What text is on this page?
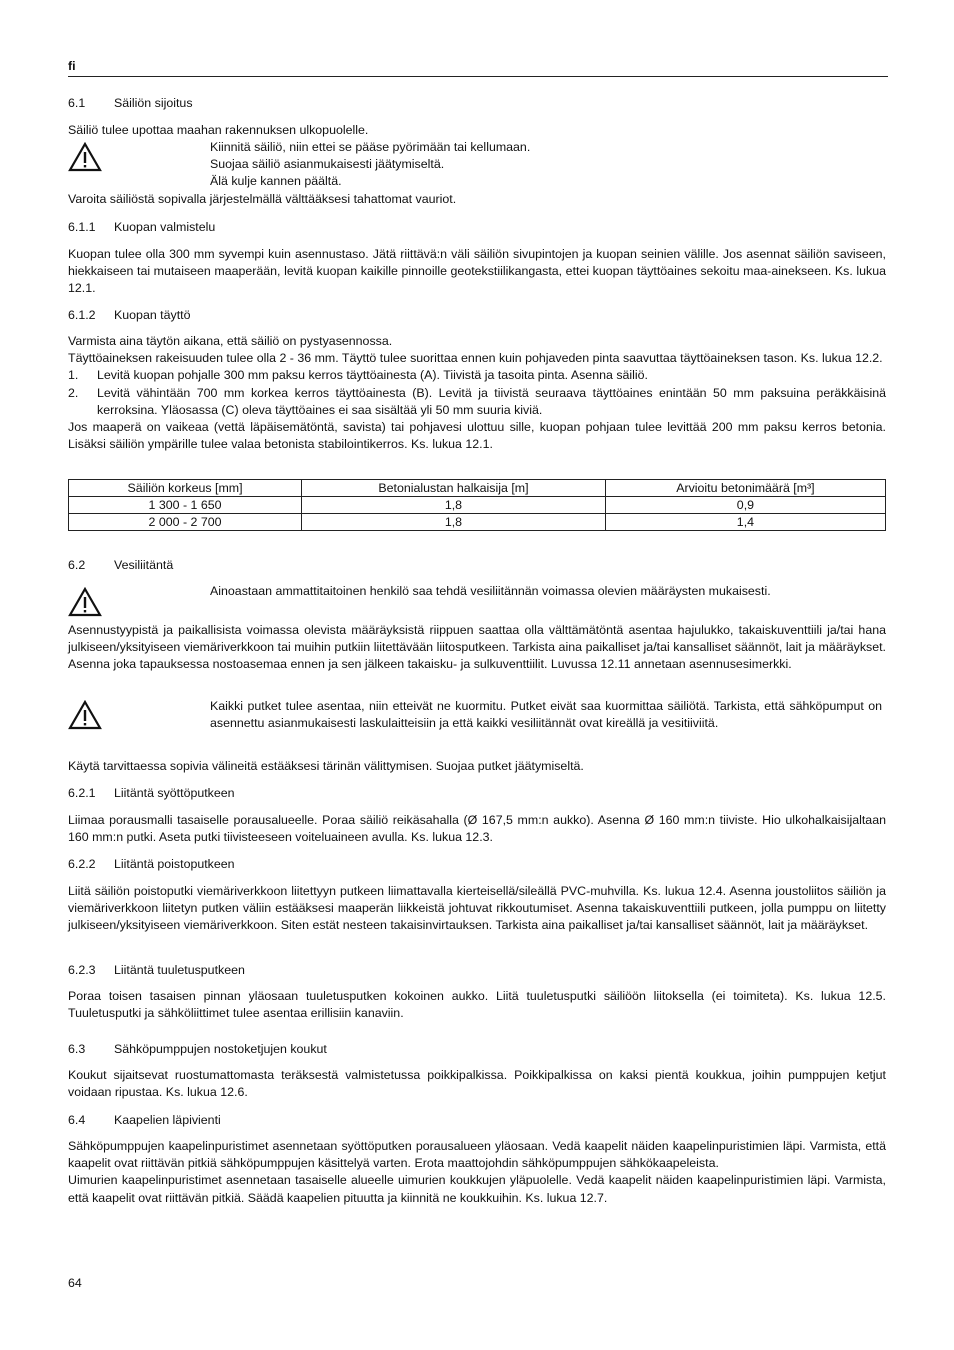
fi
6.1 Säiliön sijoitus
Säiliö tulee upottaa maahan rakennuksen ulkopuolelle.
Kiinnitä säiliö, niin ettei se pääse pyörimään tai kellumaan.
Suojaa säiliö asianmukaisesti jäätymiseltä.
Älä kulje kannen päältä.
Varoita säiliöstä sopivalla järjestelmällä välttääksesi tahattomat vauriot.
6.1.1 Kuopan valmistelu
Kuopan tulee olla 300 mm syvempi kuin asennustaso. Jätä riittävä:n väli säiliön sivupintojen ja kuopan seinien välille. Jos asennat säiliön saviseen, hiekkaiseen tai mutaiseen maaperään, levitä kuopan kaikille pinnoille geotekstiilikangasta, ettei kuopan täyttöaines sekoitu maa-ainekseen. Ks. lukua 12.1.
6.1.2 Kuopan täyttö
Varmista aina täytön aikana, että säiliö on pystyasennossa.
Täyttöaineksen rakeisuuden tulee olla 2 - 36 mm. Täyttö tulee suorittaa ennen kuin pohjaveden pinta saavuttaa täyttöaineksen tason. Ks. lukua 12.2.
1.	Levitä kuopan pohjalle 300 mm paksu kerros täyttöainesta (A). Tiivistä ja tasoita pinta. Asenna säiliö.
2.	Levitä vähintään 700 mm korkea kerros täyttöainesta (B). Levitä ja tiivistä seuraava täyttöaines enintään 50 mm paksuina peräkkäisinä kerroksina. Yläosassa (C) oleva täyttöaines ei saa sisältää yli 50 mm suuria kiviä.
Jos maaperä on vaikeaa (vettä läpäisemätöntä, savista) tai pohjavesi ulottuu sille, kuopan pohjaan tulee levittää 200 mm paksu kerros betonia. Lisäksi säiliön ympärille tulee valaa betonista stabilointikerros. Ks. lukua 12.1.
Säiliön korkeus [mm]	Betonialustan halkaisija [m]	Arvioitu betonimäärä [m³]
1 300 - 1 650	1,8	0,9
2 000 - 2 700	1,8	1,4
6.2 Vesiliitäntä
Ainoastaan ammattitaitoinen henkilö saa tehdä vesiliitännän voimassa olevien määräysten mukaisesti.
Asennustyypistä ja paikallisista voimassa olevista määräyksistä riippuen saattaa olla välttämätöntä asentaa hajulukko, takaiskuventtiili ja/tai hana julkiseen/yksityiseen viemäriverkkoon tai muihin putkiin liitettävään liitosputkeen. Tarkista aina paikalliset ja/tai kansalliset säännöt, lait ja määräykset. Asenna joka tapauksessa nostoasemaa ennen ja sen jälkeen takaisku- ja sulkuventtiilit. Luvussa 12.11 annetaan asennusesimerkki.
Kaikki putket tulee asentaa, niin etteivät ne kuormitu. Putket eivät saa kuormittaa säiliötä. Tarkista, että sähköpumput on asennettu asianmukaisesti laskulaitteisiin ja että kaikki vesiliitännät ovat kireällä ja vesitiiviitä.
Käytä tarvittaessa sopivia välineitä estääksesi tärinän välittymisen. Suojaa putket jäätymiseltä.
6.2.1 Liitäntä syöttöputkeen
Liimaa porausmalli tasaiselle porausalueelle. Poraa säiliö reikäsahalla (Ø 167,5 mm:n aukko). Asenna Ø 160 mm:n tiiviste. Hio ulkohalkaisijaltaan 160 mm:n putki. Aseta putki tiivisteeseen voiteluaineen avulla. Ks. lukua 12.3.
6.2.2 Liitäntä poistoputkeen
Liitä säiliön poistoputki viemäriverkkoon liitettyyn putkeen liimattavalla kierteisellä/sileällä PVC-muhvilla. Ks. lukua 12.4. Asenna joustoliitos säiliön ja viemäriverkkoon liitetyn putken väliin estääksesi maaperän liikkeistä johtuvat rikkoutumiset. Asenna takaiskuventtiili putkeen, jolla pumppu on liitetty julkiseen/yksityiseen viemäriverkkoon. Siten estät nesteen takaisinvirtauksen. Tarkista aina paikalliset ja/tai kansalliset säännöt, lait ja määräykset.
6.2.3 Liitäntä tuuletusputkeen
Poraa toisen tasaisen pinnan yläosaan tuuletusputken kokoinen aukko. Liitä tuuletusputki säiliöön liitoksella (ei toimiteta). Ks. lukua 12.5. Tuuletusputki ja sähköliittimet tulee asentaa erillisiin kanaviin.
6.3 Sähköpumppujen nostoketjujen koukut
Koukut sijaitsevat ruostumattomasta teräksestä valmistetussa poikkipalkissa. Poikkipalkissa on kaksi pientä koukkua, joihin pumppujen ketjut voidaan ripustaa. Ks. lukua 12.6.
6.4 Kaapelien läpivienti
Sähköpumppujen kaapelinpuristimet asennetaan syöttöputken porausalueen yläosaan. Vedä kaapelit näiden kaapelinpuristimien läpi. Varmista, että kaapelit ovat riittävän pitkiä sähköpumppujen käsittelyä varten. Erota maattojohdin sähköpumppujen sähkökaapeleista.
Uimurien kaapelinpuristimet asennetaan tasaiselle alueelle uimurien koukkujen yläpuolelle. Vedä kaapelit näiden kaapelinpuristimien läpi. Varmista, että kaapelit ovat riittävän pitkiä. Säädä kaapelien pituutta ja kiinnitä ne koukkuihin. Ks. lukua 12.7.
64
